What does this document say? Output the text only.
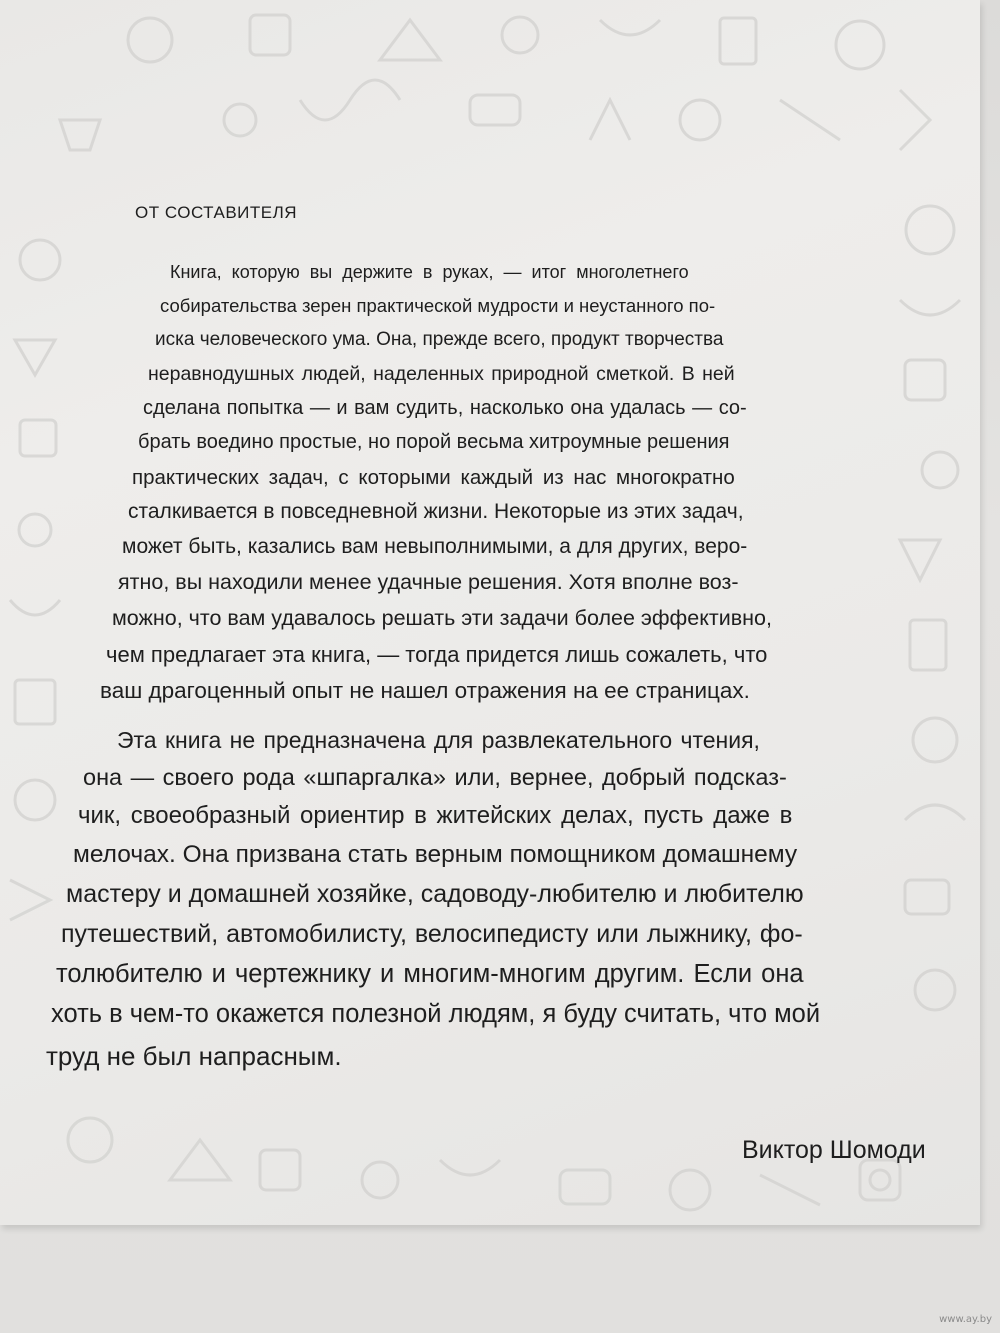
ОТ СОСТАВИТЕЛЯ
Книга, которую вы держите в руках, — итог многолетнего
собирательства зерен практической мудрости и неустанного по-
иска человеческого ума. Она, прежде всего, продукт творчества
неравнодушных людей, наделенных природной сметкой. В ней
сделана попытка — и вам судить, насколько она удалась — со-
брать воедино простые, но порой весьма хитроумные решения
практических задач, с которыми каждый из нас многократно
сталкивается в повседневной жизни. Некоторые из этих задач,
может быть, казались вам невыполнимыми, а для других, веро-
ятно, вы находили менее удачные решения. Хотя вполне воз-
можно, что вам удавалось решать эти задачи более эффективно,
чем предлагает эта книга, — тогда придется лишь сожалеть, что
ваш драгоценный опыт не нашел отражения на ее страницах.
Эта книга не предназначена для развлекательного чтения,
она — своего рода «шпаргалка» или, вернее, добрый подсказ-
чик, своеобразный ориентир в житейских делах, пусть даже в
мелочах. Она призвана стать верным помощником домашнему
мастеру и домашней хозяйке, садоводу-любителю и любителю
путешествий, автомобилисту, велосипедисту или лыжнику, фо-
толюбителю и чертежнику и многим-многим другим. Если она
хоть в чем-то окажется полезной людям, я буду считать, что мой
труд не был напрасным.
Виктор Шомоди
www.ay.by
